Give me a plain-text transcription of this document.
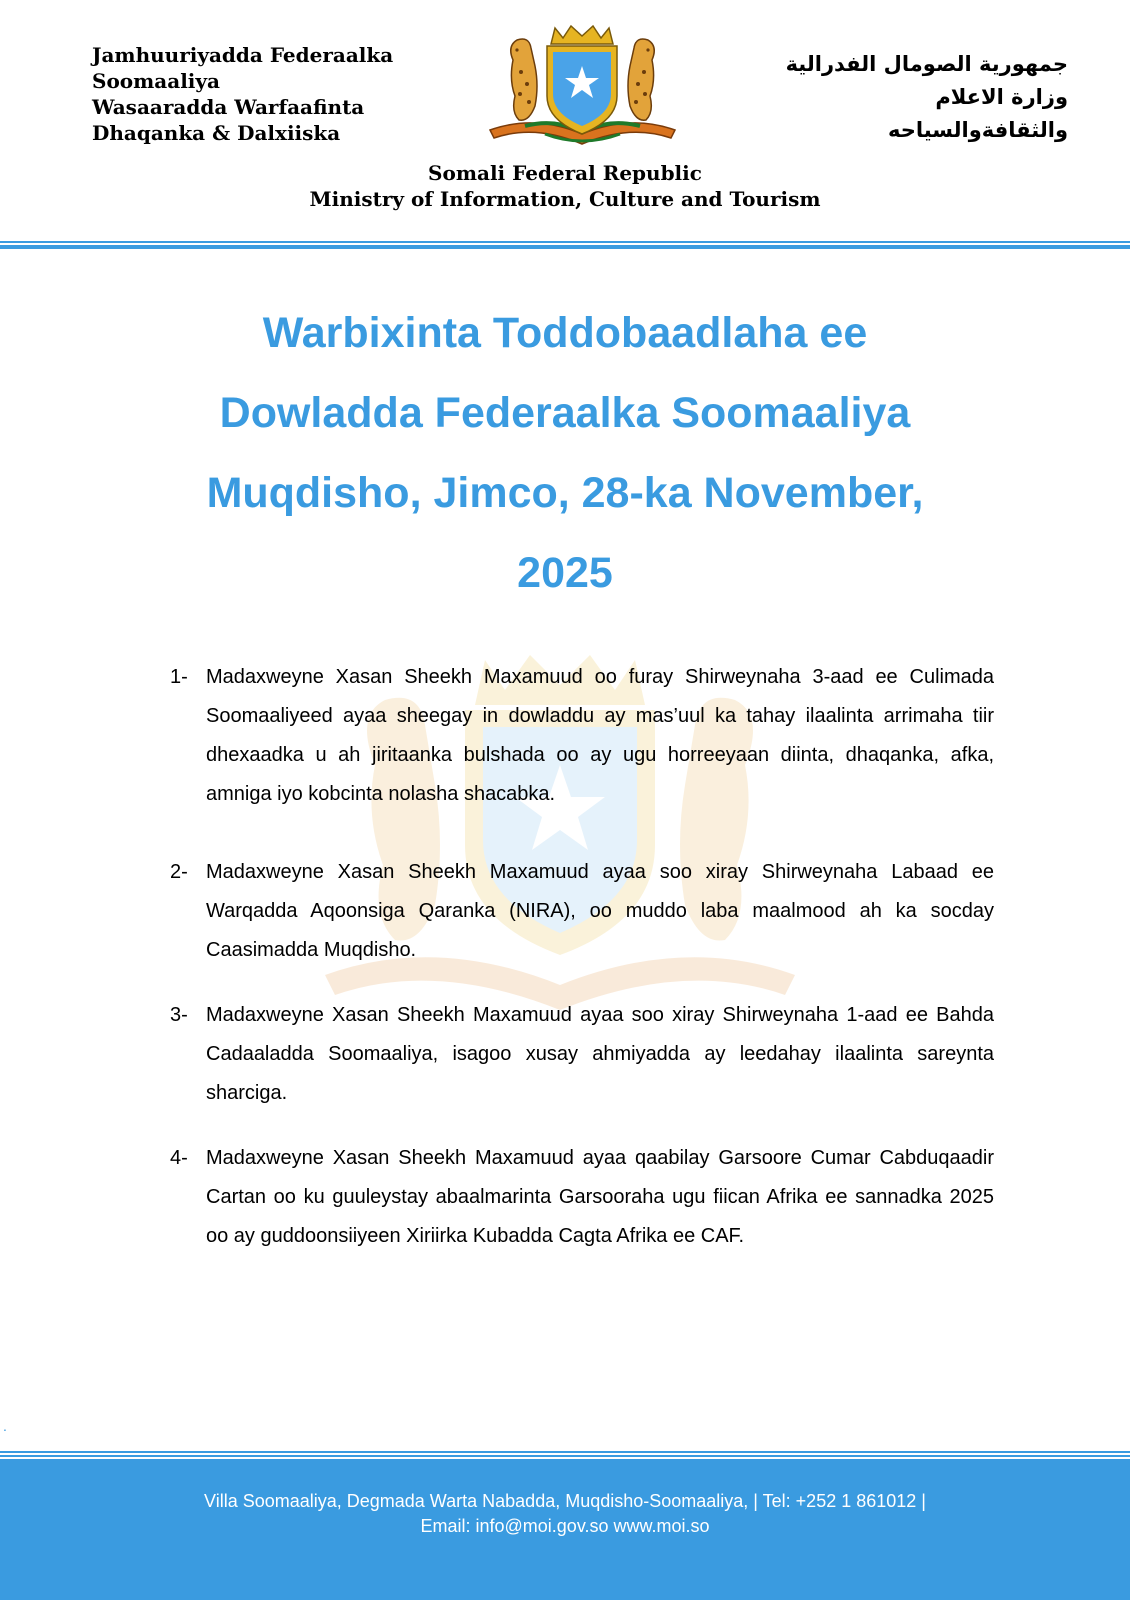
Jamhuuriyadda Federaalka
Soomaaliya
Wasaaradda Warfaafinta
Dhaqanka & Dalxiiska
جمهورية الصومال الفدرالية
وزارة الاعلام
والثقافةوالسياحه
Somali Federal Republic
Ministry of Information, Culture and Tourism
Warbixinta Toddobaadlaha ee
Dowladda Federaalka Soomaaliya
Muqdisho, Jimco, 28-ka November,
2025
1- Madaxweyne Xasan Sheekh Maxamuud oo furay Shirweynaha 3-aad ee Culimada Soomaaliyeed ayaa sheegay in dowladdu ay mas’uul ka tahay ilaalinta arrimaha tiir dhexaadka u ah jiritaanka bulshada oo ay ugu horreeyaan diinta, dhaqanka, afka, amniga iyo kobcinta nolasha shacabka.
2- Madaxweyne Xasan Sheekh Maxamuud ayaa soo xiray Shirweynaha Labaad ee Warqadda Aqoonsiga Qaranka (NIRA), oo muddo laba maalmood ah ka socday Caasimadda Muqdisho.
3- Madaxweyne Xasan Sheekh Maxamuud ayaa soo xiray Shirweynaha 1-aad ee Bahda Cadaaladda Soomaaliya, isagoo xusay ahmiyadda ay leedahay ilaalinta sareynta sharciga.
4- Madaxweyne Xasan Sheekh Maxamuud ayaa qaabilay Garsoore Cumar Cabduqaadir Cartan oo ku guuleystay abaalmarinta Garsooraha ugu fiican Afrika ee sannadka 2025 oo ay guddoonsiiyeen Xiriirka Kubadda Cagta Afrika ee CAF.
.
Villa Soomaaliya, Degmada Warta Nabadda, Muqdisho-Soomaaliya, | Tel: +252 1 861012 |
Email: info@moi.gov.so www.moi.so
